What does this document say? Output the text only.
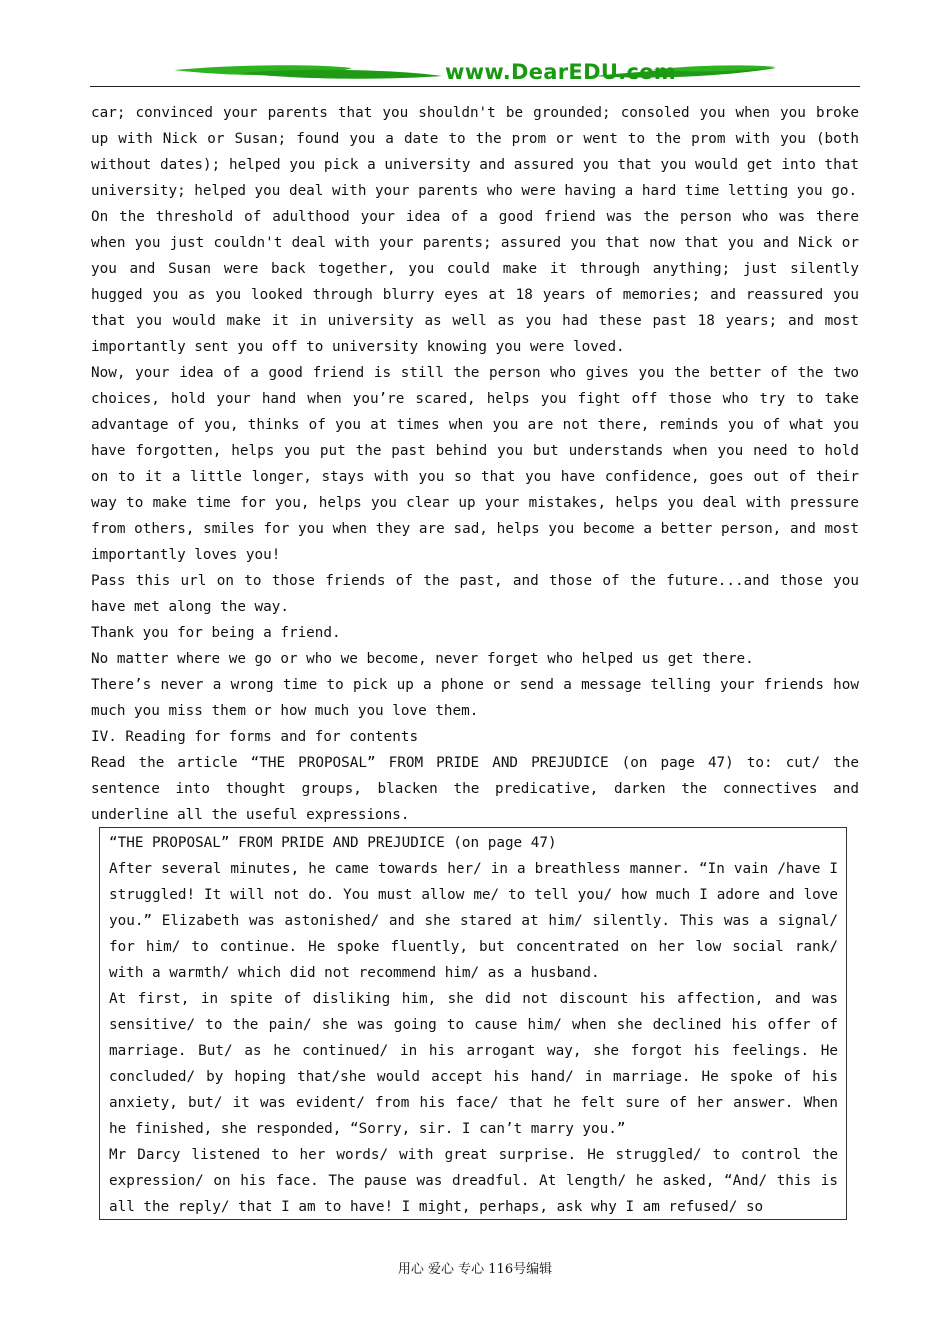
www.DearEDU.com

car; convinced your parents that you shouldn't be grounded; consoled you when you broke up with Nick or Susan; found you a date to the prom or went to the prom with you (both without dates); helped you pick a university and assured you that you would get into that university; helped you deal with your parents who were having a hard time letting you go.

On the threshold of adulthood your idea of a good friend was the person who was there when you just couldn't deal with your parents; assured you that now that you and Nick or you and Susan were back together, you could make it through anything; just silently hugged you as you looked through blurry eyes at 18 years of memories; and reassured you that you would make it in university as well as you had these past 18 years; and most importantly sent you off to university knowing you were loved.

Now, your idea of a good friend is still the person who gives you the better of the two choices, hold your hand when you’re scared, helps you fight off those who try to take advantage of you, thinks of you at times when you are not there, reminds you of what you have forgotten, helps you put the past behind you but understands when you need to hold on to it a little longer, stays with you so that you have confidence, goes out of their way to make time for you, helps you clear up your mistakes, helps you deal with pressure from others, smiles for you when they are sad, helps you become a better person, and most importantly loves you!

Pass this url on to those friends of the past, and those of the future...and those you have met along the way.

Thank you for being a friend.

No matter where we go or who we become, never forget who helped us get there.

There’s never a wrong time to pick up a phone or send a message telling your friends how much you miss them or how much you love them.

IV. Reading for forms and for contents

Read the article “THE PROPOSAL” FROM PRIDE AND PREJUDICE (on page 47) to: cut/ the sentence into thought groups, blacken the predicative, darken the connectives and underline all the useful expressions.

“THE PROPOSAL” FROM PRIDE AND PREJUDICE (on page 47)

After several minutes, he came towards her/ in a breathless manner. “In vain /have I struggled! It will not do. You must allow me/ to tell you/ how much I adore and love you.” Elizabeth was astonished/ and she stared at him/ silently. This was a signal/ for him/ to continue. He spoke fluently, but concentrated on her low social rank/ with a warmth/ which did not recommend him/ as a husband.

At first, in spite of disliking him, she did not discount his affection, and was sensitive/ to the pain/ she was going to cause him/ when she declined his offer of marriage. But/ as he continued/ in his arrogant way, she forgot his feelings. He concluded/ by hoping that/she would accept his hand/ in marriage. He spoke of his anxiety, but/ it was evident/ from his face/ that he felt sure of her answer. When he finished, she responded, “Sorry, sir. I can’t marry you.”

Mr Darcy listened to her words/ with great surprise. He struggled/ to control the expression/ on his face. The pause was dreadful. At length/ he asked, “And/ this is all the reply/ that I am to have! I might, perhaps, ask why I am refused/ so

用心 爱心 专心 116号编辑
